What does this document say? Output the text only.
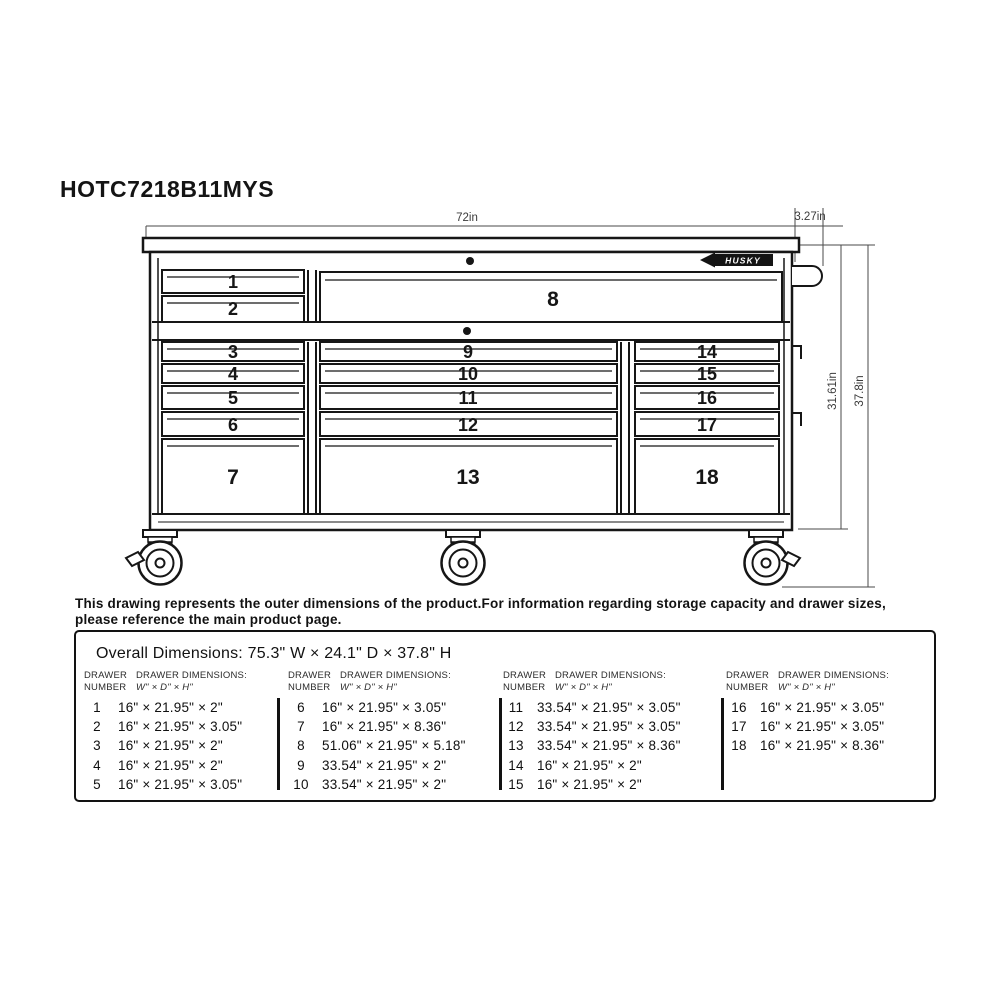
HOTC7218B11MYS
72in	3.27in
31.61in 37.8in
HUSKY
1
2
3
4
5
6
7
8
9
10
11
12
13
14
15
16
17
18
This drawing represents the outer dimensions of the product.For information regarding storage capacity and drawer sizes,
please reference the main product page.
Overall Dimensions: 75.3" W × 24.1" D × 37.8" H
DRAWER DRAWER DIMENSIONS:
NUMBER	W" × D" × H"
1	16" × 21.95" × 2"
2	16" × 21.95" × 3.05"
3	16" × 21.95" × 2"
4	16" × 21.95" × 2"
5	16" × 21.95" × 3.05"
DRAWER DRAWER DIMENSIONS:
NUMBER	W" × D" × H"
6	16" × 21.95" × 3.05"
7	16" × 21.95" × 8.36"
8	51.06" × 21.95" × 5.18"
9	33.54" × 21.95" × 2"
10 33.54" × 21.95" × 2"
DRAWER DRAWER DIMENSIONS:
NUMBER	W" × D" × H"
11	33.54" × 21.95" × 3.05"
12 33.54" × 21.95" × 3.05"
13 33.54" × 21.95" × 8.36"
14 16" × 21.95" × 2"
15 16" × 21.95" × 2"
DRAWER DRAWER DIMENSIONS:
NUMBER	W" × D" × H"
16 16" × 21.95" × 3.05"
17 16" × 21.95" × 3.05"
18 16" × 21.95" × 8.36"
